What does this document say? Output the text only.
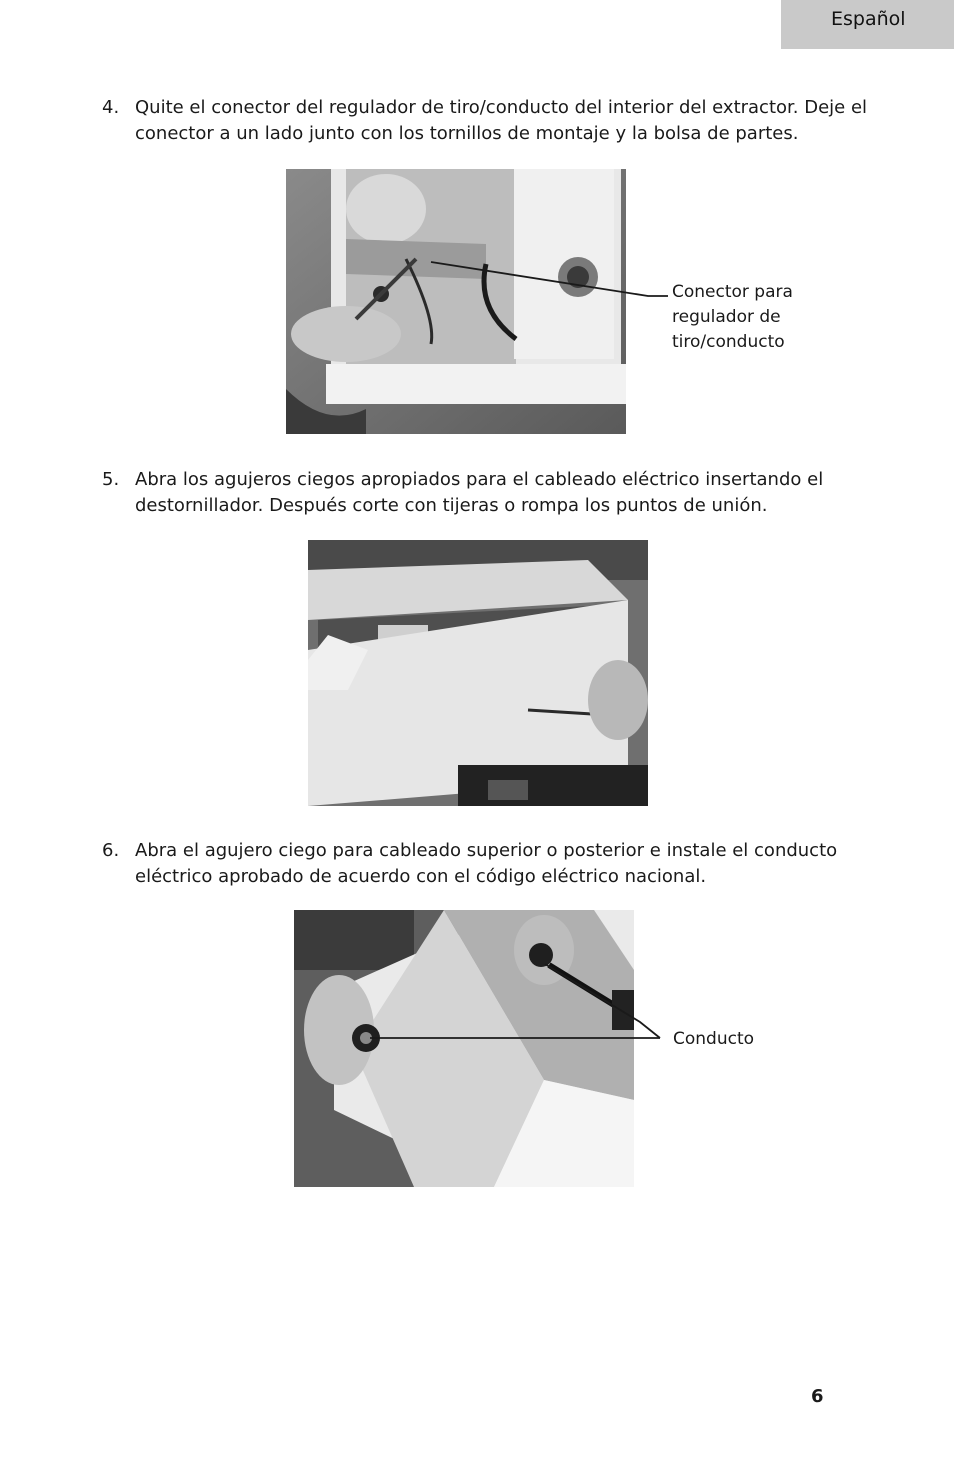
Español
4. Quite el conector del regulador de tiro/conducto del interior del extractor. Deje el conector a un lado junto con los tornillos de montaje y la bolsa de partes.
Conector para regulador de tiro/conducto
5. Abra los agujeros ciegos apropiados para el cableado eléctrico insertando el destornillador. Después corte con tijeras o rompa los puntos de unión.
6. Abra el agujero ciego para cableado superior o posterior e instale el conducto eléctrico aprobado de acuerdo con el código eléctrico nacional.
Conducto
6
